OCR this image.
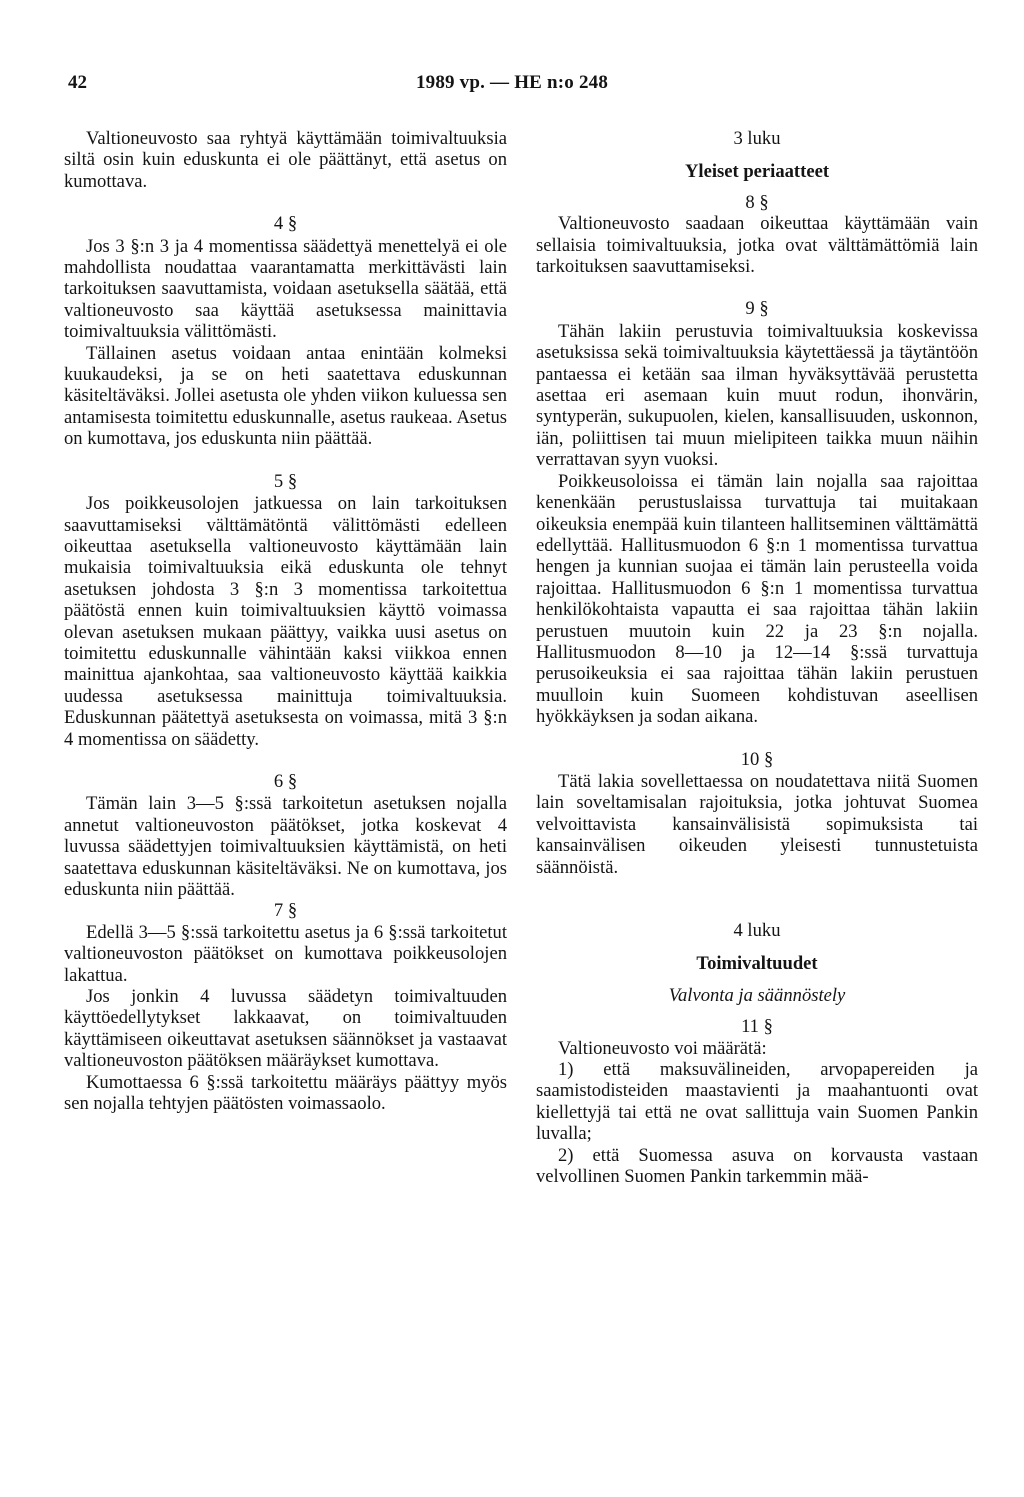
42	1989 vp. — HE n:o 248

Valtioneuvosto saa ryhtyä käyttämään toimivaltuuksia siltä osin kuin eduskunta ei ole päättänyt, että asetus on kumottava.

4 §

Jos 3 §:n 3 ja 4 momentissa säädettyä menettelyä ei ole mahdollista noudattaa vaarantamatta merkittävästi lain tarkoituksen saavuttamista, voidaan asetuksella säätää, että valtioneuvosto saa käyttää asetuksessa mainittavia toimivaltuuksia välittömästi.

Tällainen asetus voidaan antaa enintään kolmeksi kuukaudeksi, ja se on heti saatettava eduskunnan käsiteltäväksi. Jollei asetusta ole yhden viikon kuluessa sen antamisesta toimitettu eduskunnalle, asetus raukeaa. Asetus on kumottava, jos eduskunta niin päättää.

5 §

Jos poikkeusolojen jatkuessa on lain tarkoituksen saavuttamiseksi välttämätöntä välittömästi edelleen oikeuttaa asetuksella valtioneuvosto käyttämään lain mukaisia toimivaltuuksia eikä eduskunta ole tehnyt asetuksen johdosta 3 §:n 3 momentissa tarkoitettua päätöstä ennen kuin toimivaltuuksien käyttö voimassa olevan asetuksen mukaan päättyy, vaikka uusi asetus on toimitettu eduskunnalle vähintään kaksi viikkoa ennen mainittua ajankohtaa, saa valtioneuvosto käyttää kaikkia uudessa asetuksessa mainittuja toimivaltuuksia. Eduskunnan päätettyä asetuksesta on voimassa, mitä 3 §:n 4 momentissa on säädetty.

6 §

Tämän lain 3—5 §:ssä tarkoitetun asetuksen nojalla annetut valtioneuvoston päätökset, jotka koskevat 4 luvussa säädettyjen toimivaltuuksien käyttämistä, on heti saatettava eduskunnan käsiteltäväksi. Ne on kumottava, jos eduskunta niin päättää.

7 §

Edellä 3—5 §:ssä tarkoitettu asetus ja 6 §:ssä tarkoitetut valtioneuvoston päätökset on kumottava poikkeusolojen lakattua.

Jos jonkin 4 luvussa säädetyn toimivaltuuden käyttöedellytykset lakkaavat, on toimivaltuuden käyttämiseen oikeuttavat asetuksen säännökset ja vastaavat valtioneuvoston päätöksen määräykset kumottava.

Kumottaessa 6 §:ssä tarkoitettu määräys päättyy myös sen nojalla tehtyjen päätösten voimassaolo.

3 luku

Yleiset periaatteet

8 §

Valtioneuvosto saadaan oikeuttaa käyttämään vain sellaisia toimivaltuuksia, jotka ovat välttämättömiä lain tarkoituksen saavuttamiseksi.

9 §

Tähän lakiin perustuvia toimivaltuuksia koskevissa asetuksissa sekä toimivaltuuksia käytettäessä ja täytäntöön pantaessa ei ketään saa ilman hyväksyttävää perustetta asettaa eri asemaan kuin muut rodun, ihonvärin, syntyperän, sukupuolen, kielen, kansallisuuden, uskonnon, iän, poliittisen tai muun mielipiteen taikka muun näihin verrattavan syyn vuoksi.

Poikkeusoloissa ei tämän lain nojalla saa rajoittaa kenenkään perustuslaissa turvattuja tai muitakaan oikeuksia enempää kuin tilanteen hallitseminen välttämättä edellyttää. Hallitusmuodon 6 §:n 1 momentissa turvattua hengen ja kunnian suojaa ei tämän lain perusteella voida rajoittaa. Hallitusmuodon 6 §:n 1 momentissa turvattua henkilökohtaista vapautta ei saa rajoittaa tähän lakiin perustuen muutoin kuin 22 ja 23 §:n nojalla. Hallitusmuodon 8—10 ja 12—14 §:ssä turvattuja perusoikeuksia ei saa rajoittaa tähän lakiin perustuen muulloin kuin Suomeen kohdistuvan aseellisen hyökkäyksen ja sodan aikana.

10 §

Tätä lakia sovellettaessa on noudatettava niitä Suomen lain soveltamisalan rajoituksia, jotka johtuvat Suomea velvoittavista kansainvälisistä sopimuksista tai kansainvälisen oikeuden yleisesti tunnustetuista säännöistä.

4 luku

Toimivaltuudet

Valvonta ja säännöstely

11 §

Valtioneuvosto voi määrätä:

1) että maksuvälineiden, arvopapereiden ja saamistodisteiden maastavienti ja maahantuonti ovat kiellettyjä tai että ne ovat sallittuja vain Suomen Pankin luvalla;

2) että Suomessa asuva on korvausta vastaan velvollinen Suomen Pankin tarkemmin mää-
